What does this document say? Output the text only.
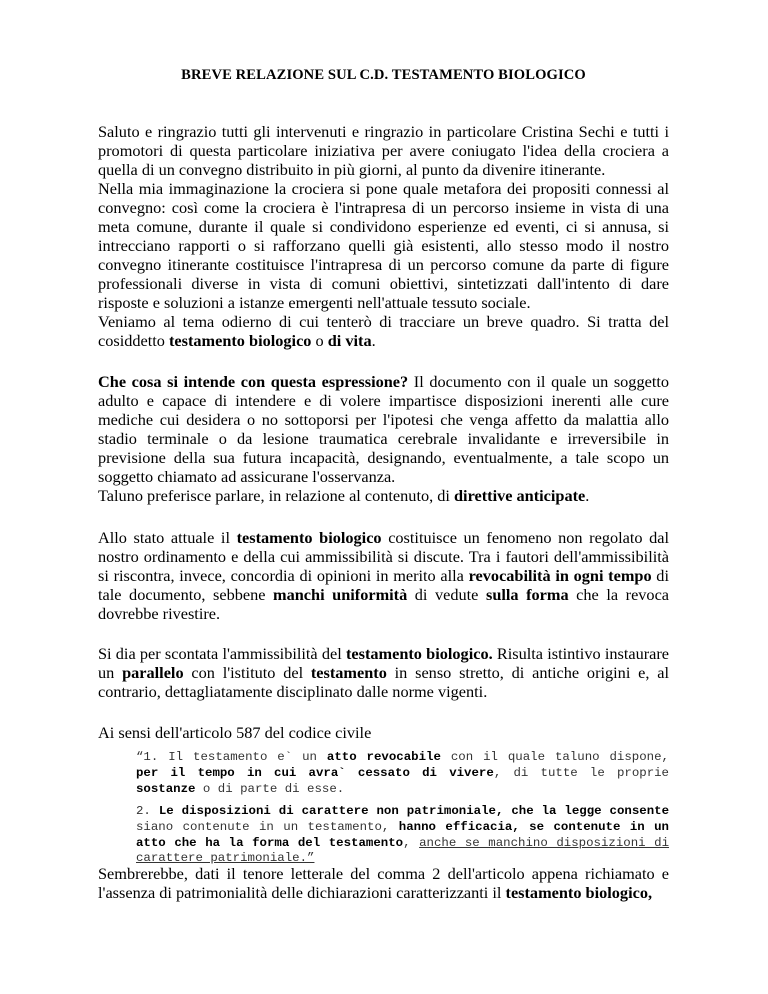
BREVE RELAZIONE SUL C.D. TESTAMENTO BIOLOGICO

Saluto e ringrazio tutti gli intervenuti e ringrazio in particolare Cristina Sechi e tutti i promotori di questa particolare iniziativa per avere coniugato l'idea della crociera a quella di un convegno distribuito in più giorni, al punto da divenire itinerante.

Nella mia immaginazione la crociera si pone quale metafora dei propositi connessi al convegno: così come la crociera è l'intrapresa di un percorso insieme in vista di una meta comune, durante il quale si condividono esperienze ed eventi, ci si annusa, si intrecciano rapporti o si rafforzano quelli già esistenti, allo stesso modo il nostro convegno itinerante costituisce l'intrapresa di un percorso comune da parte di figure professionali diverse in vista di comuni obiettivi, sintetizzati dall'intento di dare risposte e soluzioni a istanze emergenti nell'attuale tessuto sociale.

Veniamo al tema odierno di cui tenterò di tracciare un breve quadro. Si tratta del cosiddetto testamento biologico o di vita.

Che cosa si intende con questa espressione? Il documento con il quale un soggetto adulto e capace di intendere e di volere impartisce disposizioni inerenti alle cure mediche cui desidera o no sottoporsi per l'ipotesi che venga affetto da malattia allo stadio terminale o da lesione traumatica cerebrale invalidante e irreversibile in previsione della sua futura incapacità, designando, eventualmente, a tale scopo un soggetto chiamato ad assicurane l'osservanza.

Taluno preferisce parlare, in relazione al contenuto, di direttive anticipate.

Allo stato attuale il testamento biologico costituisce un fenomeno non regolato dal nostro ordinamento e della cui ammissibilità si discute. Tra i fautori dell'ammissibilità si riscontra, invece, concordia di opinioni in merito alla revocabilità in ogni tempo di tale documento, sebbene manchi uniformità di vedute sulla forma che la revoca dovrebbe rivestire.

Si dia per scontata l'ammissibilità del testamento biologico. Risulta istintivo instaurare un parallelo con l'istituto del testamento in senso stretto, di antiche origini e, al contrario, dettagliatamente disciplinato dalle norme vigenti.

Ai sensi dell'articolo 587 del codice civile

“1. Il testamento e` un atto revocabile con il quale taluno dispone, per il tempo in cui avra` cessato di vivere, di tutte le proprie sostanze o di parte di esse.
2. Le disposizioni di carattere non patrimoniale, che la legge consente siano contenute in un testamento, hanno efficacia, se contenute in un atto che ha la forma del testamento, anche se manchino disposizioni di carattere patrimoniale.”

Sembrerebbe, dati il tenore letterale del comma 2 dell'articolo appena richiamato e l'assenza di patrimonialità delle dichiarazioni caratterizzanti il testamento biologico,
